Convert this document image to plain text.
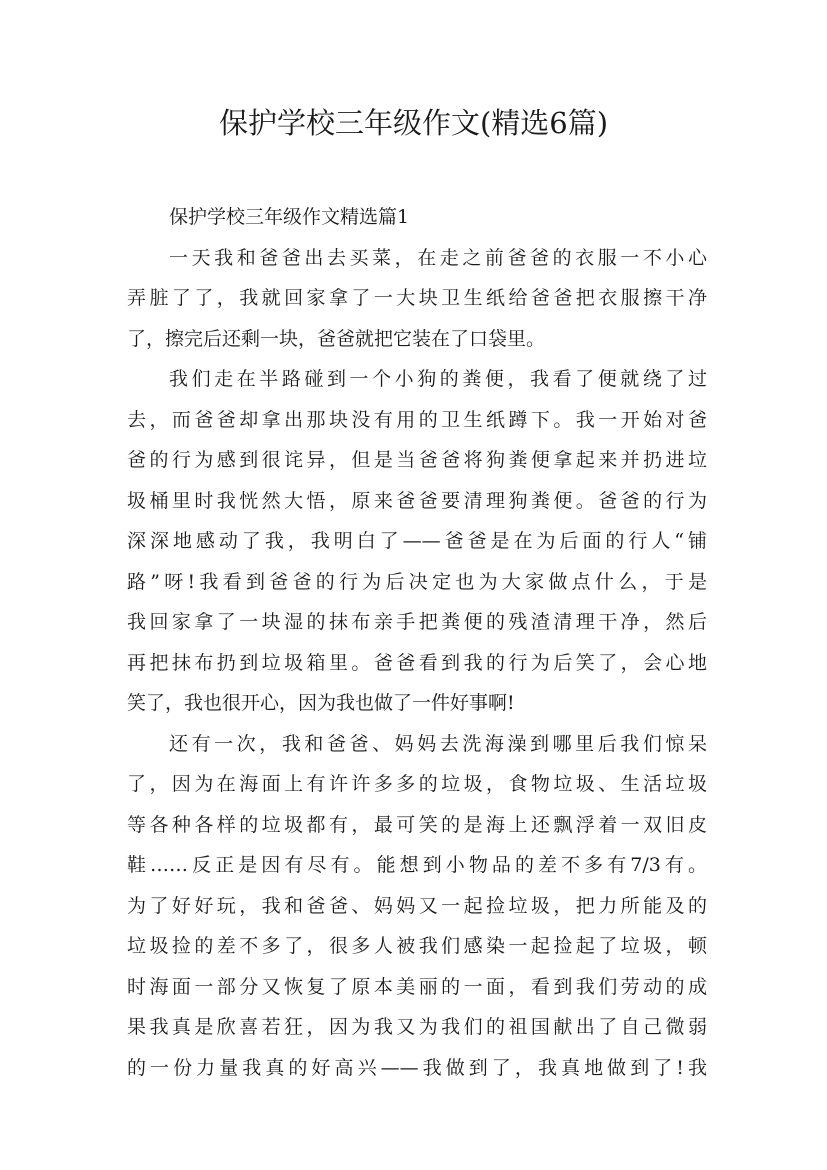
保护学校三年级作文(精选6篇)
保护学校三年级作文精选篇1
一天我和爸爸出去买菜，在走之前爸爸的衣服一不小心
弄脏了了，我就回家拿了一大块卫生纸给爸爸把衣服擦干净
了，擦完后还剩一块，爸爸就把它装在了口袋里。
我们走在半路碰到一个小狗的粪便，我看了便就绕了过
去，而爸爸却拿出那块没有用的卫生纸蹲下。我一开始对爸
爸的行为感到很诧异，但是当爸爸将狗粪便拿起来并扔进垃
圾桶里时我恍然大悟，原来爸爸要清理狗粪便。爸爸的行为
深深地感动了我，我明白了——爸爸是在为后面的行人“铺
路”呀!我看到爸爸的行为后决定也为大家做点什么，于是
我回家拿了一块湿的抹布亲手把粪便的残渣清理干净，然后
再把抹布扔到垃圾箱里。爸爸看到我的行为后笑了，会心地
笑了，我也很开心，因为我也做了一件好事啊!
还有一次，我和爸爸、妈妈去洗海澡到哪里后我们惊呆
了，因为在海面上有许许多多的垃圾，食物垃圾、生活垃圾
等各种各样的垃圾都有，最可笑的是海上还飘浮着一双旧皮
鞋……反正是因有尽有。能想到小物品的差不多有7/3有。
为了好好玩，我和爸爸、妈妈又一起捡垃圾，把力所能及的
垃圾捡的差不多了，很多人被我们感染一起捡起了垃圾，顿
时海面一部分又恢复了原本美丽的一面，看到我们劳动的成
果我真是欣喜若狂，因为我又为我们的祖国献出了自己微弱
的一份力量我真的好高兴——我做到了，我真地做到了!我
